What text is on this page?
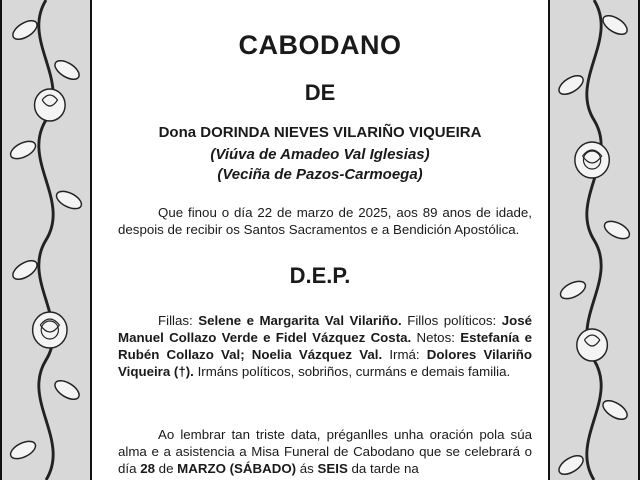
CABODANO
DE
Dona DORINDA NIEVES VILARIÑO VIQUEIRA
(Viúva de Amadeo Val Iglesias)
(Veciña de Pazos-Carmoega)
Que finou o día 22 de marzo de 2025, aos 89 anos de idade, despois de recibir os Santos Sacramentos e a Bendición Apostólica.
D.E.P.
Fillas: Selene e Margarita Val Vilariño. Fillos políticos: José Manuel Collazo Verde e Fidel Vázquez Costa. Netos: Estefanía e Rubén Collazo Val; Noelia Vázquez Val. Irmá: Dolores Vilariño Viqueira (†). Irmáns políticos, sobriños, curmáns e demais familia.
Ao lembrar tan triste data, préganlles unha oración pola súa alma e a asistencia a Misa Funeral de Cabodano que se celebrará o día 28 de MARZO (SÁBADO) ás SEIS da tarde na
